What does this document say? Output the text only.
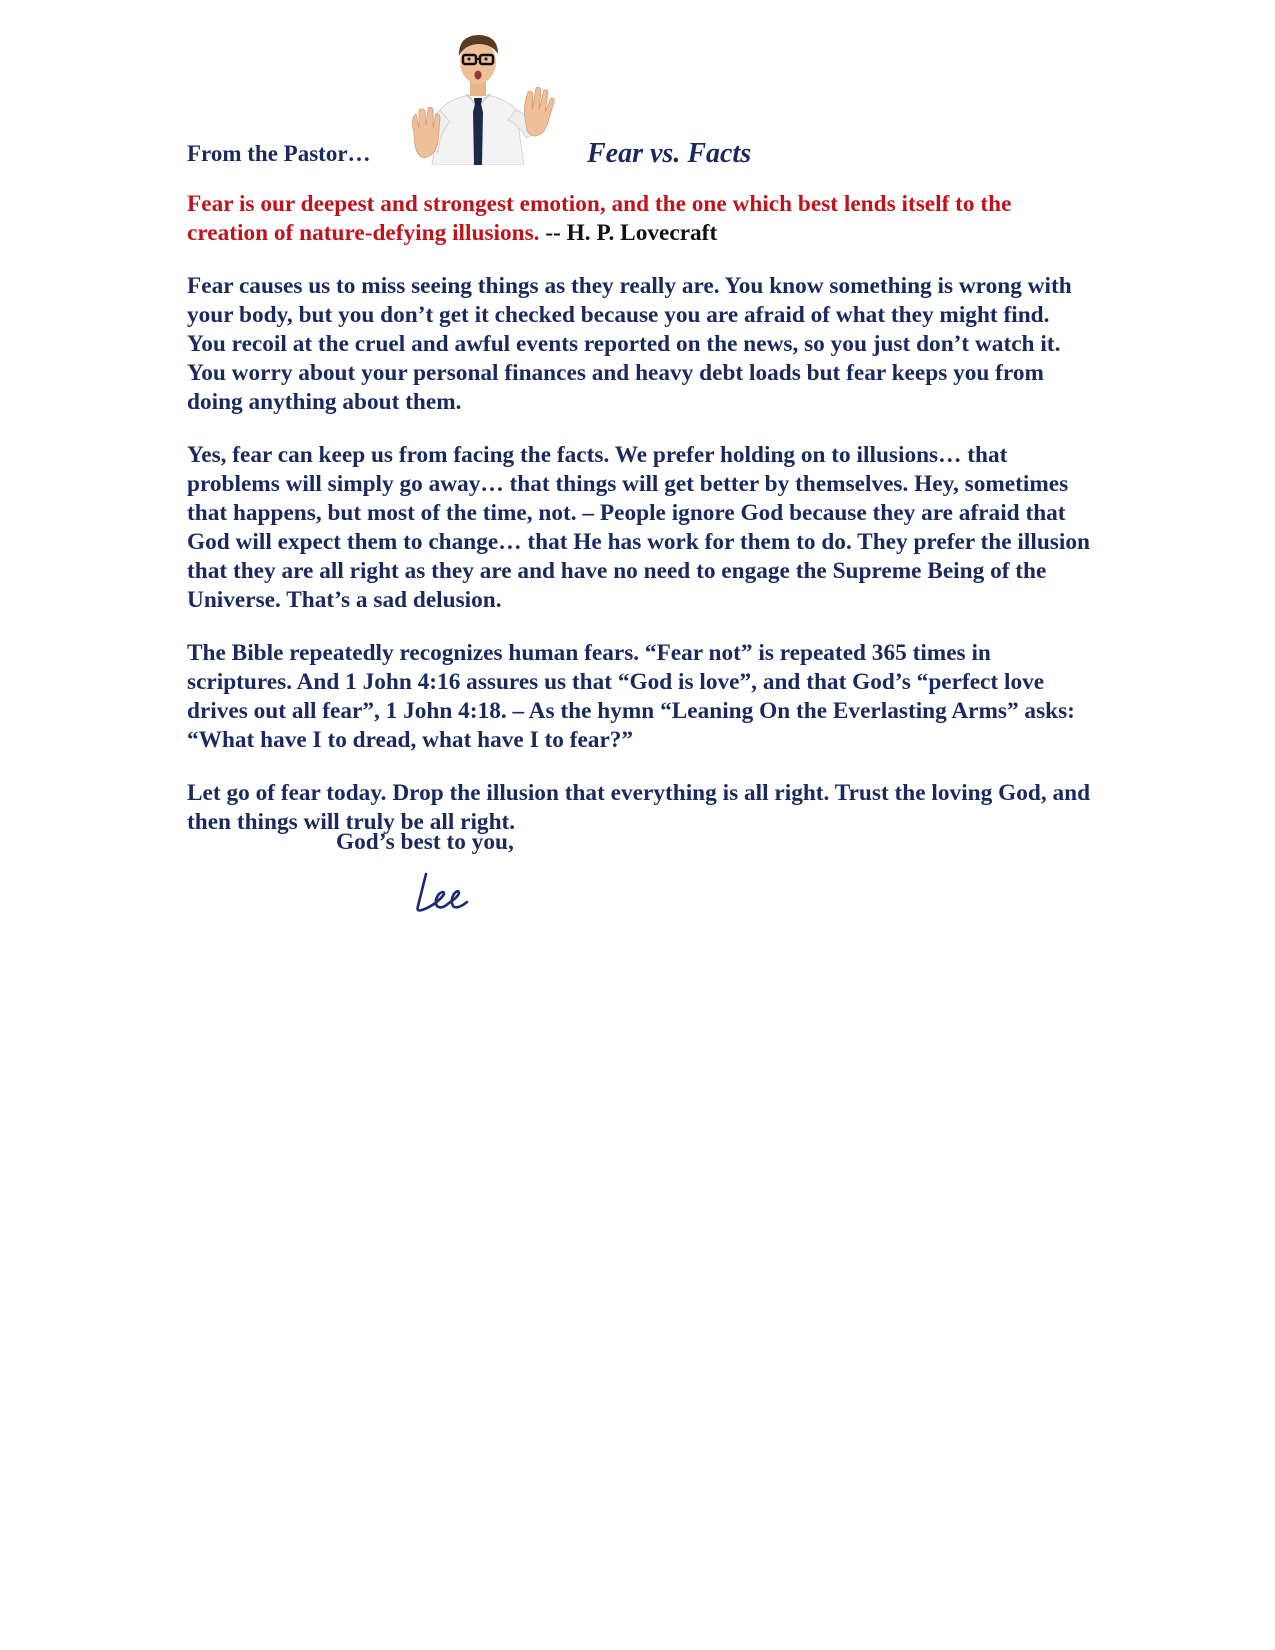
From the Pastor…	Fear vs. Facts

Fear is our deepest and strongest emotion, and the one which best lends itself to the creation of nature-defying illusions. -- H. P. Lovecraft

Fear causes us to miss seeing things as they really are. You know something is wrong with your body, but you don’t get it checked because you are afraid of what they might find. You recoil at the cruel and awful events reported on the news, so you just don’t watch it. You worry about your personal finances and heavy debt loads but fear keeps you from doing anything about them.

Yes, fear can keep us from facing the facts. We prefer holding on to illusions… that problems will simply go away… that things will get better by themselves. Hey, sometimes that happens, but most of the time, not. – People ignore God because they are afraid that God will expect them to change… that He has work for them to do. They prefer the illusion that they are all right as they are and have no need to engage the Supreme Being of the Universe. That’s a sad delusion.

The Bible repeatedly recognizes human fears. “Fear not” is repeated 365 times in scriptures. And 1 John 4:16 assures us that “God is love”, and that God’s “perfect love drives out all fear”, 1 John 4:18. – As the hymn “Leaning On the Everlasting Arms” asks: “What have I to dread, what have I to fear?”

Let go of fear today. Drop the illusion that everything is all right. Trust the loving God, and then things will truly be all right.

God’s best to you,
